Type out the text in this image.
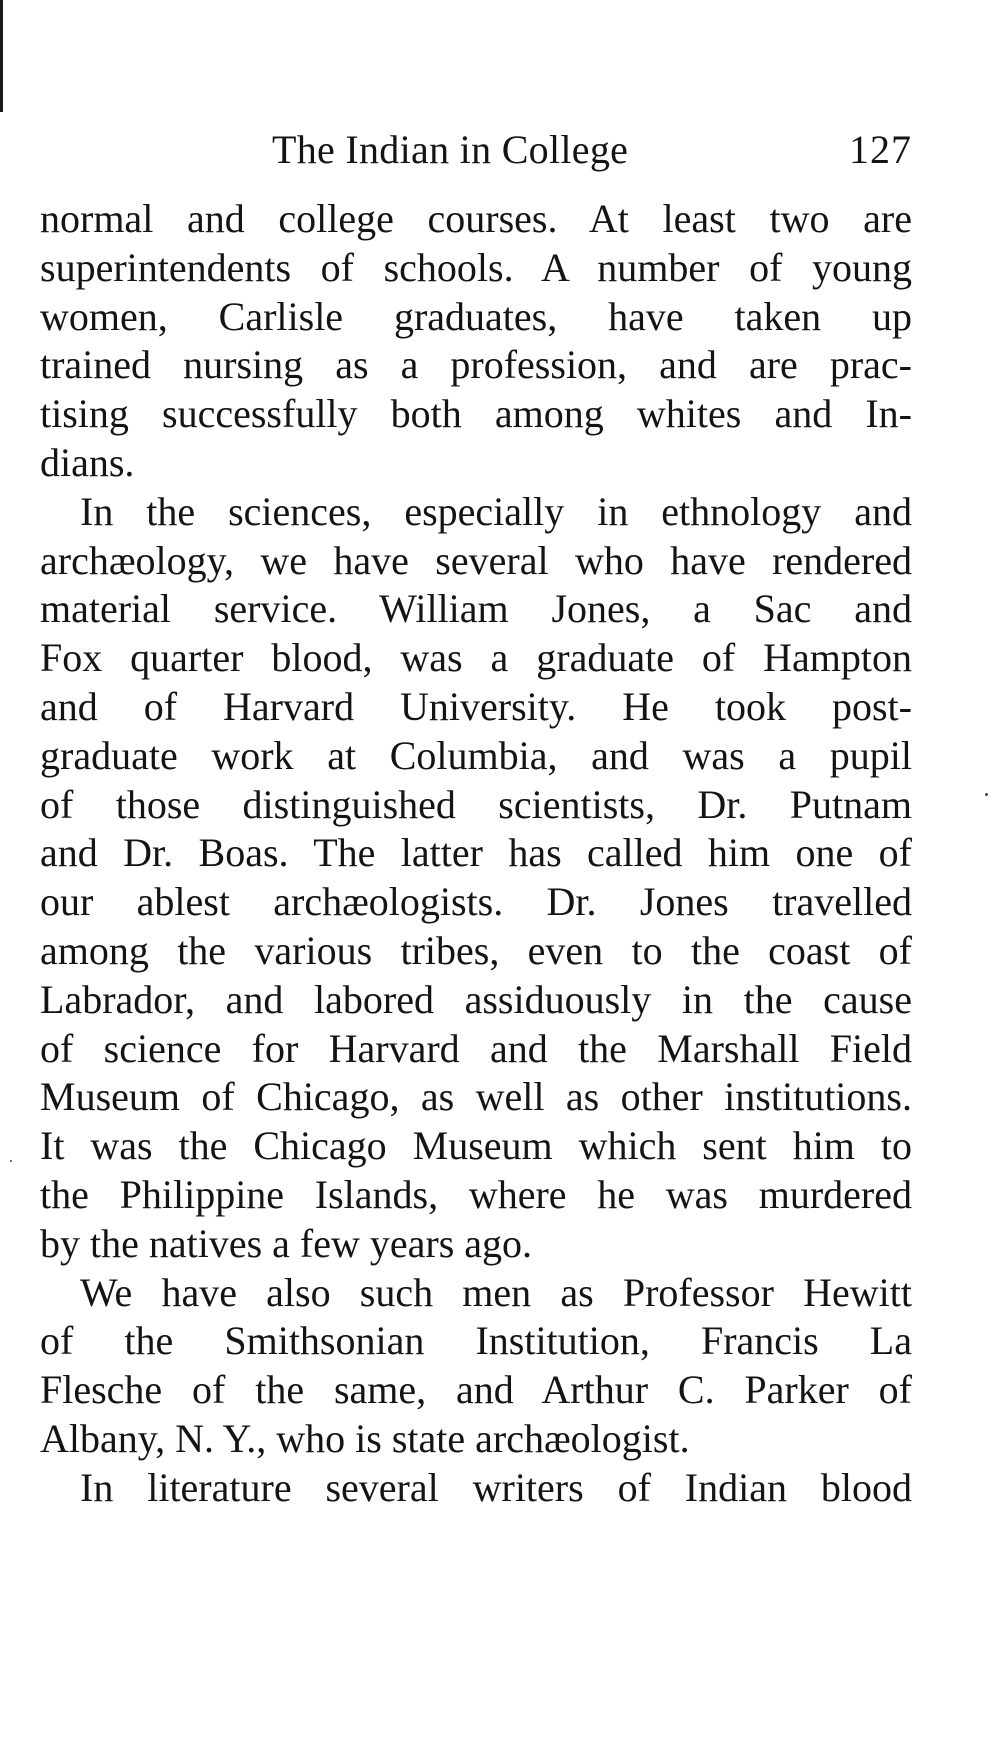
The Indian in College	127
normal and college courses. At least two are
superintendents of schools. A number of young
women, Carlisle graduates, have taken up
trained nursing as a profession, and are prac-
tising successfully both among whites and In-
dians.
In the sciences, especially in ethnology and
archæology, we have several who have rendered
material service. William Jones, a Sac and
Fox quarter blood, was a graduate of Hampton
and of Harvard University. He took post-
graduate work at Columbia, and was a pupil
of those distinguished scientists, Dr. Putnam
and Dr. Boas. The latter has called him one of
our ablest archæologists. Dr. Jones travelled
among the various tribes, even to the coast of
Labrador, and labored assiduously in the cause
of science for Harvard and the Marshall Field
Museum of Chicago, as well as other institutions.
It was the Chicago Museum which sent him to
the Philippine Islands, where he was murdered
by the natives a few years ago.
We have also such men as Professor Hewitt
of the Smithsonian Institution, Francis La
Flesche of the same, and Arthur C. Parker of
Albany, N. Y., who is state archæologist.
In literature several writers of Indian blood
